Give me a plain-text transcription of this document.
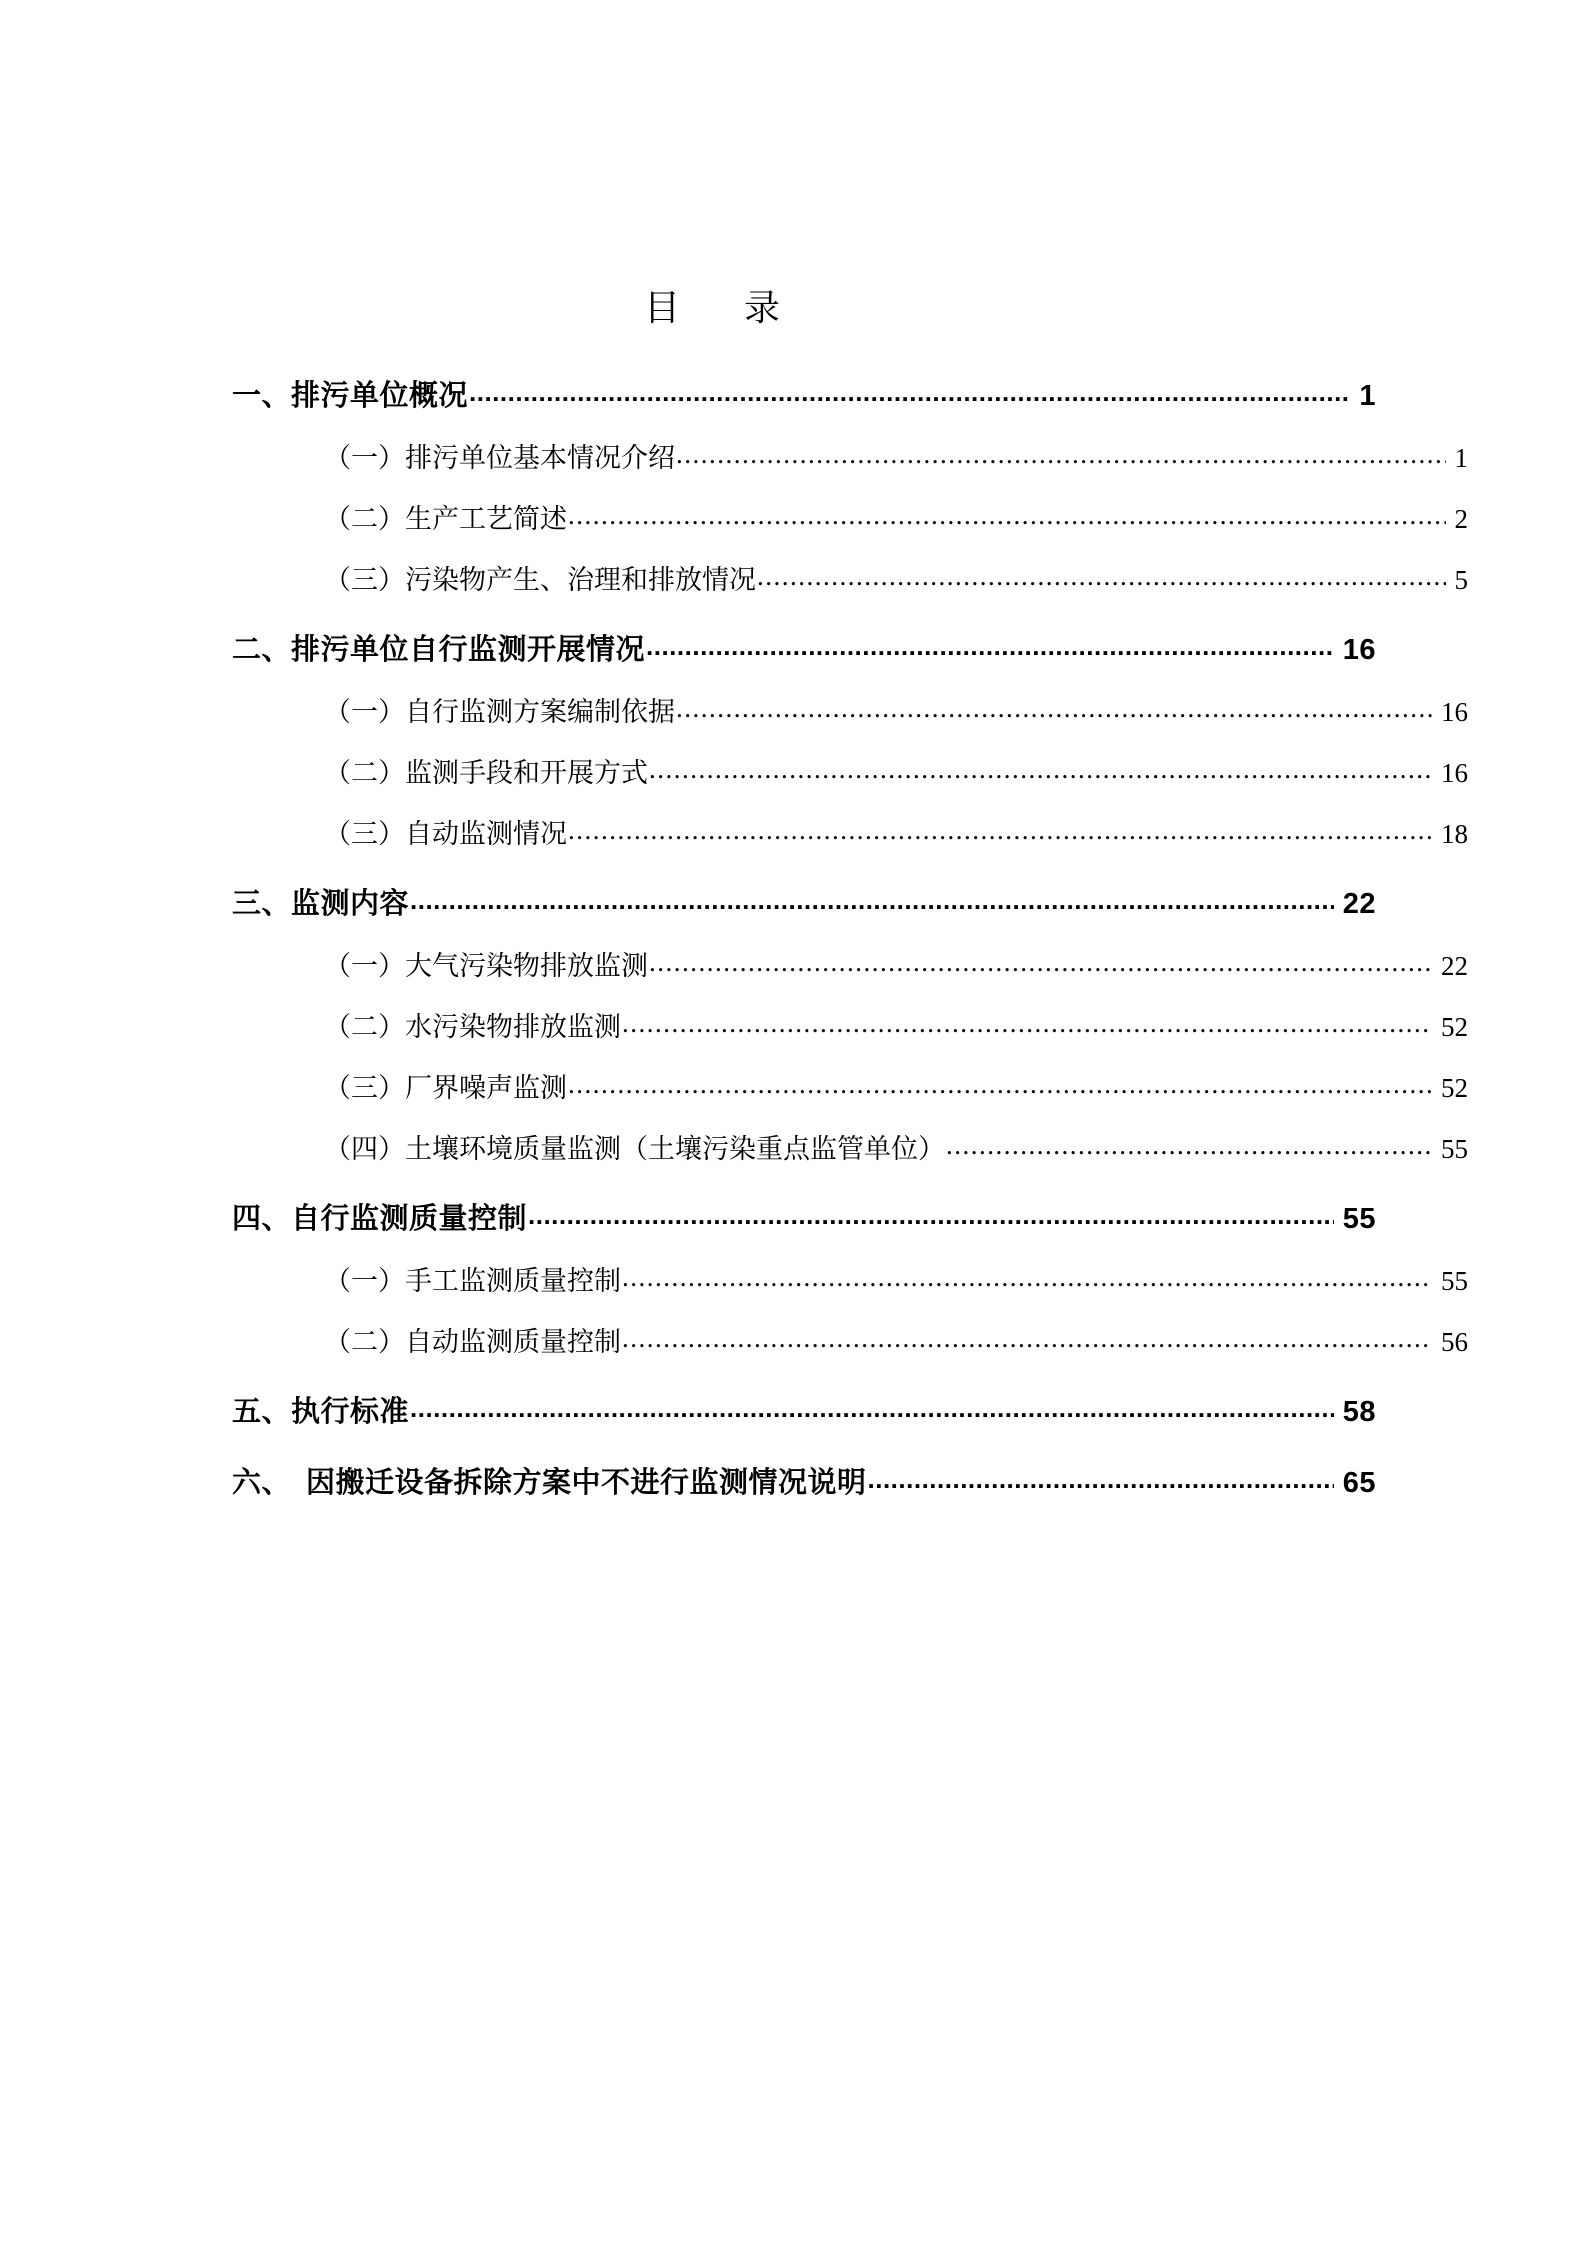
目　录
一、排污单位概况 .....	1
（一）排污单位基本情况介绍 .....	1
（二）生产工艺简述 .....	2
（三）污染物产生、治理和排放情况 .....	5
二、排污单位自行监测开展情况 .....	16
（一）自行监测方案编制依据 .....	16
（二）监测手段和开展方式 .....	16
（三）自动监测情况 .....	18
三、监测内容 .....	22
（一）大气污染物排放监测 .....	22
（二）水污染物排放监测 .....	52
（三）厂界噪声监测 .....	52
（四）土壤环境质量监测（土壤污染重点监管单位） .....	55
四、自行监测质量控制 .....	55
（一）手工监测质量控制 .....	55
（二）自动监测质量控制 .....	56
五、执行标准 .....	58
六、　因搬迁设备拆除方案中不进行监测情况说明 .....	65
